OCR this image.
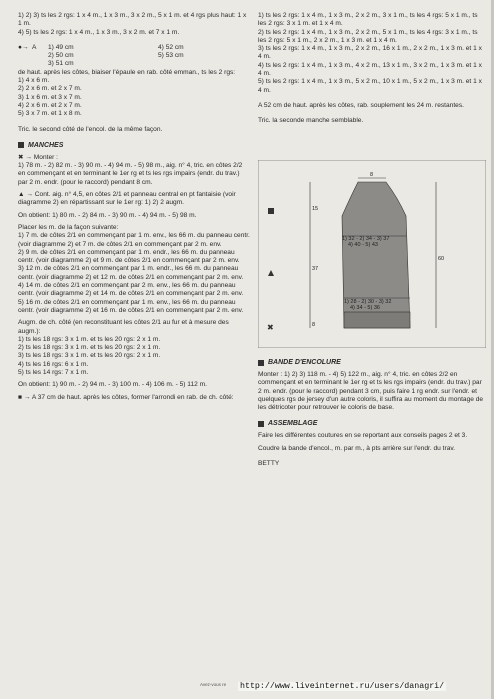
1) 2) 3) ts les 2 rgs: 1 x 4 m., 1 x 3 m., 3 x 2 m., 5 x 1 m. et 4 rgs plus haut: 1 x 1 m.

4) 5) ts les 2 rgs: 1 x 4 m., 1 x 3 m., 3 x 2 m. et 7 x 1 m.

●→ A	1) 49 cm	4) 52 cm
2) 50 cm	5) 53 cm
3) 51 cm

de haut. après les côtes, biaiser l'épaule en rab. côté emman., ts les 2 rgs:

1) 4 x 6 m.

2) 2 x 6 m. et 2 x 7 m.

3) 1 x 6 m. et 3 x 7 m.

4) 2 x 6 m. et 2 x 7 m.

5) 3 x 7 m. et 1 x 8 m.

Tric. le second côté de l'encol. de la même façon.

MANCHES

✖ → Monter :

1) 78 m. - 2) 82 m. - 3) 90 m. - 4) 94 m. - 5) 98 m., aig. n° 4, tric. en côtes 2/2 en commençant et en terminant le 1er rg et ts les rgs impairs (endr. du trav.) par 2 m. endr. (pour le raccord) pendant 8 cm.

▲ → Cont. aig. n° 4,5, en côtes 2/1 et panneau central en pt fantaisie (voir diagramme 2) en répartissant sur le 1er rg: 1) 2) 2 augm.

On obtient: 1) 80 m. - 2) 84 m. - 3) 90 m. - 4) 94 m. - 5) 98 m.

Placer les m. de la façon suivante:

1) 7 m. de côtes 2/1 en commençant par 1 m. env., les 66 m. du panneau centr. (voir diagramme 2) et 7 m. de côtes 2/1 en commençant par 2 m. env.

2) 9 m. de côtes 2/1 en commençant par 1 m. endr., les 66 m. du panneau centr. (voir diagramme 2) et 9 m. de côtes 2/1 en commençant par 2 m. env.

3) 12 m. de côtes 2/1 en commençant par 1 m. endr., les 66 m. du panneau centr. (voir diagramme 2) et 12 m. de côtes 2/1 en commençant par 2 m. env.

4) 14 m. de côtes 2/1 en commençant par 2 m. env., les 66 m. du panneau centr. (voir diagramme 2) et 14 m. de côtes 2/1 en commençant par 2 m. env.

5) 16 m. de côtes 2/1 en commençant par 1 m. env., les 66 m. du panneau centr. (voir diagramme 2) et 16 m. de côtes 2/1 en commençant par 2 m. env.

Augm. de ch. côté (en reconstituant les côtes 2/1 au fur et à mesure des augm.):

1) ts les 18 rgs: 3 x 1 m. et ts les 20 rgs: 2 x 1 m.

2) ts les 18 rgs: 3 x 1 m. et ts les 20 rgs: 2 x 1 m.

3) ts les 18 rgs: 3 x 1 m. et ts les 20 rgs: 2 x 1 m.

4) ts les 16 rgs: 6 x 1 m.

5) ts les 14 rgs: 7 x 1 m.

On obtient: 1) 90 m. - 2) 94 m. - 3) 100 m. - 4) 106 m. - 5) 112 m.

■ → A 37 cm de haut. après les côtes, former l'arrondi en rab. de ch. côté:

1) ts les 2 rgs: 1 x 4 m., 1 x 3 m., 2 x 2 m., 3 x 1 m., ts les 4 rgs: 5 x 1 m., ts les 2 rgs: 3 x 1 m. et 1 x 4 m.

2) ts les 2 rgs: 1 x 4 m., 1 x 3 m., 2 x 2 m., 5 x 1 m., ts les 4 rgs: 3 x 1 m., ts les 2 rgs: 5 x 1 m., 2 x 2 m., 1 x 3 m. et 1 x 4 m.

3) ts les 2 rgs: 1 x 4 m., 1 x 3 m., 2 x 2 m., 16 x 1 m., 2 x 2 m., 1 x 3 m. et 1 x 4 m.

4) ts les 2 rgs: 1 x 4 m., 1 x 3 m., 4 x 2 m., 13 x 1 m., 3 x 2 m., 1 x 3 m. et 1 x 4 m.

5) ts les 2 rgs: 1 x 4 m., 1 x 3 m., 5 x 2 m., 10 x 1 m., 5 x 2 m., 1 x 3 m. et 1 x 4 m.

A 52 cm de haut. après les côtes, rab. souplement les 24 m. restantes.

Tric. la seconde manche semblable.

8
15
37
8
60
1) 32 - 2) 34 - 3) 37
4) 40 - 5) 43
1) 28 - 2) 30 - 3) 32
4) 34 - 5) 36
✖
BANDE D'ENCOLURE

Monter : 1) 2) 3) 118 m. - 4) 5) 122 m., aig. n° 4, tric. en côtes 2/2 en commençant et en terminant le 1er rg et ts les rgs impairs (endr. du trav.) par 2 m. endr. (pour le raccord) pendant 3 cm, puis faire 1 rg endr. sur l'endr. et quelques rgs de jersey d'un autre coloris, il suffira au moment du montage de les détricoter pour retrouver le coloris de base.

ASSEMBLAGE

Faire les différentes coutures en se reportant aux conseils pages 2 et 3.

Coudre la bande d'encol., m. par m., à pts arrière sur l'endr. du trav.

BETTY

Avez-vous re http://www.liveinternet.ru/users/danagri/
